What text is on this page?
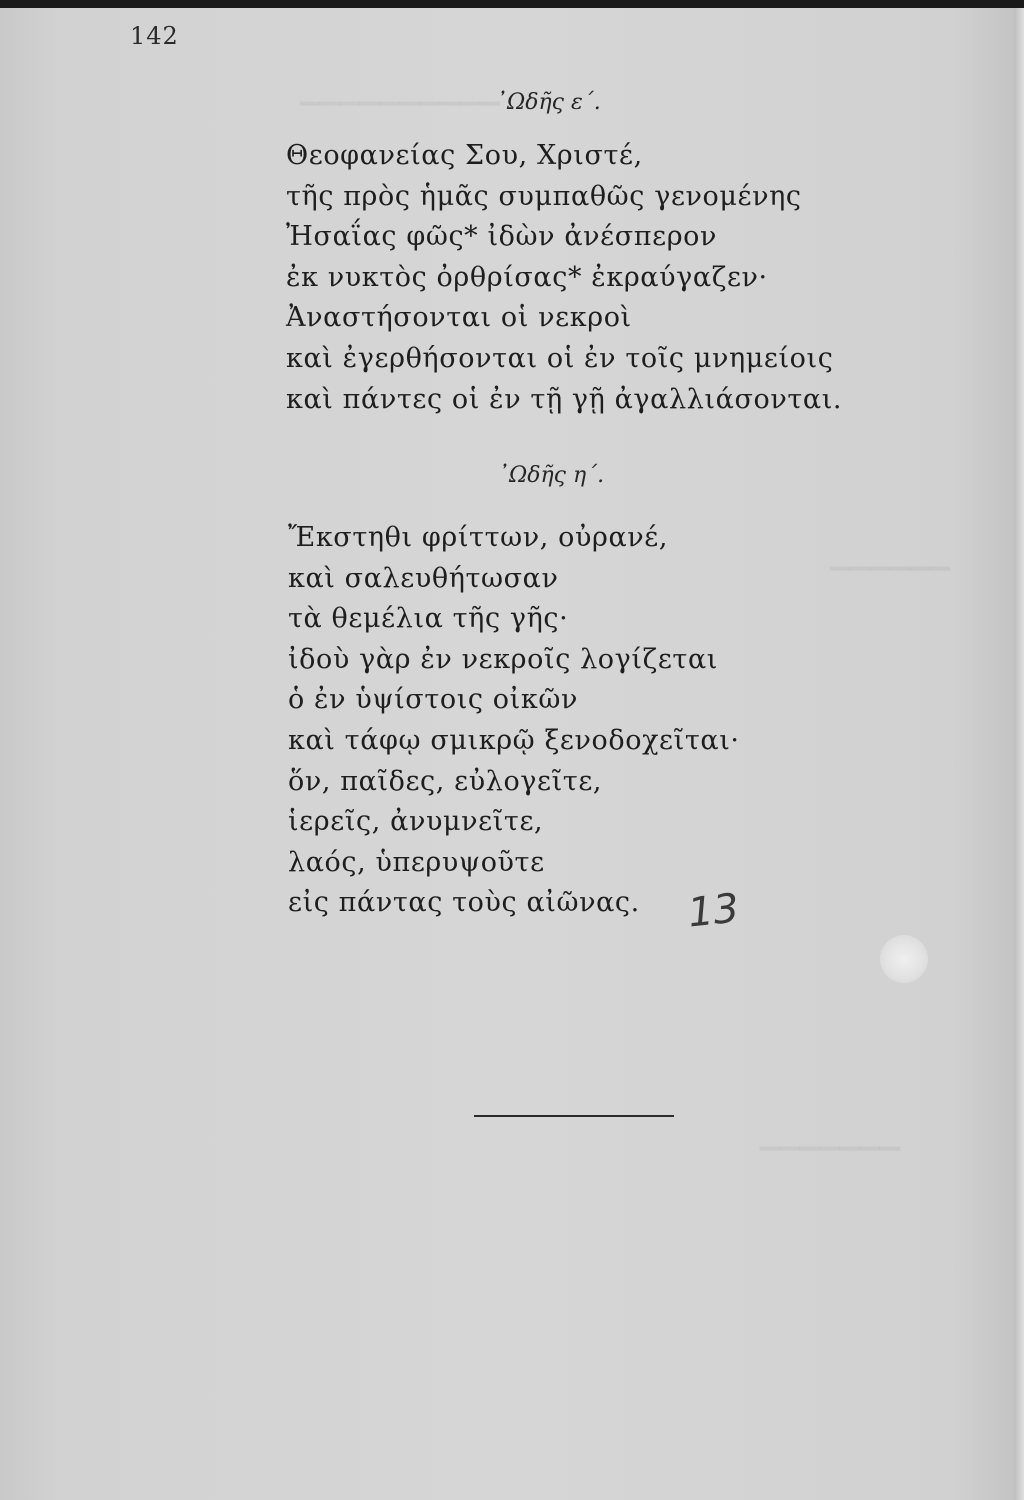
▔▔▔▔▔▔▔▔▔▔
▔▔▔▔▔▔
▔▔▔▔▔▔▔
142
᾽Ωδῆς ε΄.
Θεοφανείας Σου, Χριστέ,
τῆς πρὸς ἡμᾶς συμπαθῶς γενομένης
Ἠσαΐας φῶς* ἰδὼν ἀνέσπερον
ἐκ νυκτὸς ὀρθρίσας* ἐκραύγαζεν·
Ἀναστήσονται οἱ νεκροὶ
καὶ ἐγερθήσονται οἱ ἐν τοῖς μνημείοις
καὶ πάντες οἱ ἐν τῇ γῇ ἀγαλλιάσονται.
᾽Ωδῆς η΄.
Ἔκστηθι φρίττων, οὐρανέ,
καὶ σαλευθήτωσαν
τὰ θεμέλια τῆς γῆς·
ἰδοὺ γὰρ ἐν νεκροῖς λογίζεται
ὁ ἐν ὑψίστοις οἰκῶν
καὶ τάφῳ σμικρῷ ξενοδοχεῖται·
ὅν, παῖδες, εὐλογεῖτε,
ἱερεῖς, ἀνυμνεῖτε,
λαός, ὑπερυψοῦτε
εἰς πάντας τοὺς αἰῶνας.	13
